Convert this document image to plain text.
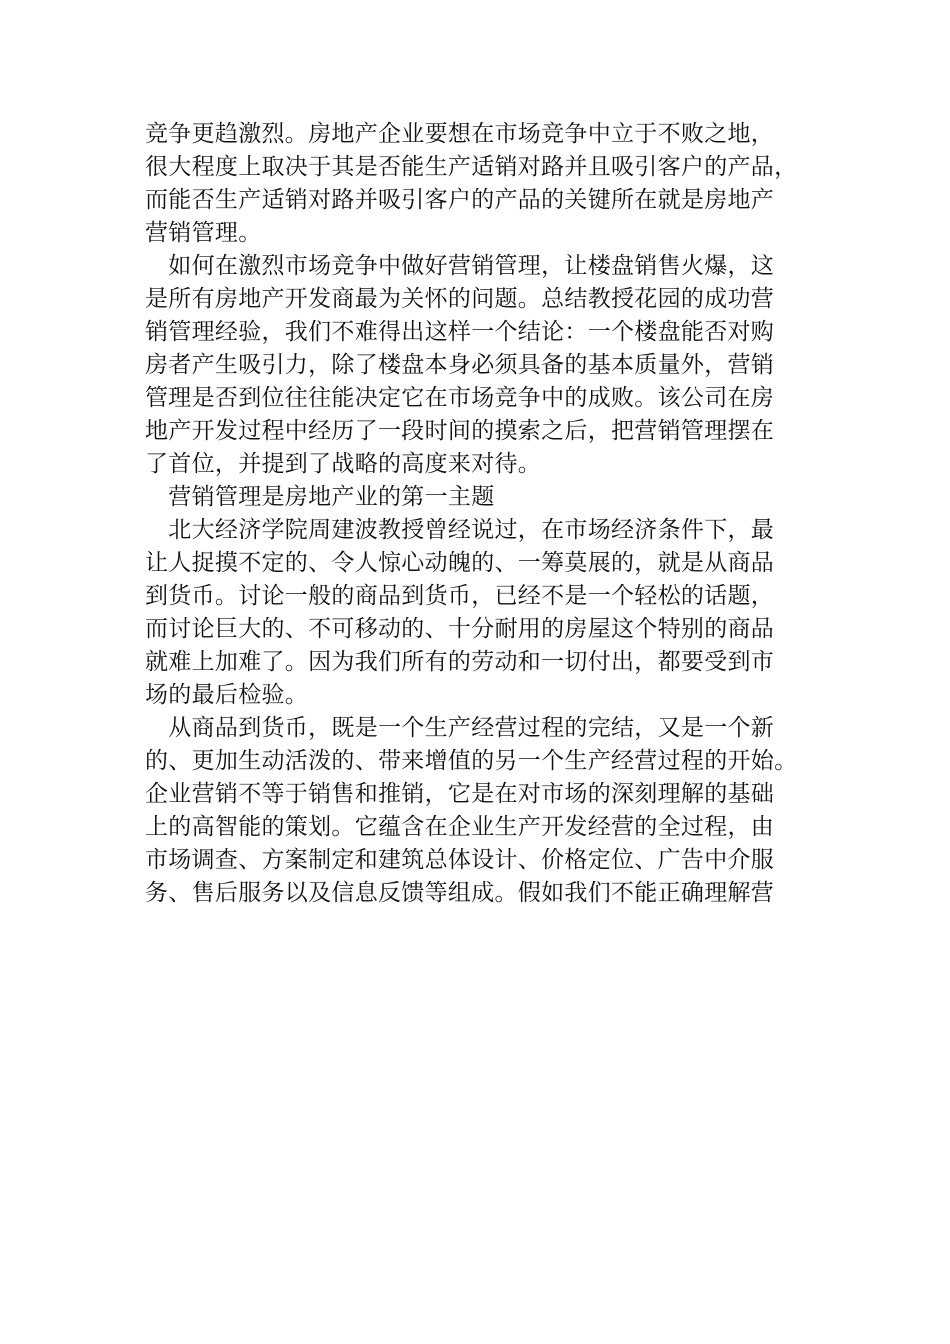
竞争更趋激烈。房地产企业要想在市场竞争中立于不败之地，
很大程度上取决于其是否能生产适销对路并且吸引客户的产品，
而能否生产适销对路并吸引客户的产品的关键所在就是房地产
营销管理。
　如何在激烈市场竞争中做好营销管理，让楼盘销售火爆，这
是所有房地产开发商最为关怀的问题。总结教授花园的成功营
销管理经验，我们不难得出这样一个结论：一个楼盘能否对购
房者产生吸引力，除了楼盘本身必须具备的基本质量外，营销
管理是否到位往往能决定它在市场竞争中的成败。该公司在房
地产开发过程中经历了一段时间的摸索之后，把营销管理摆在
了首位，并提到了战略的高度来对待。
　营销管理是房地产业的第一主题
　北大经济学院周建波教授曾经说过，在市场经济条件下，最
让人捉摸不定的、令人惊心动魄的、一筹莫展的，就是从商品
到货币。讨论一般的商品到货币，已经不是一个轻松的话题，
而讨论巨大的、不可移动的、十分耐用的房屋这个特别的商品
就难上加难了。因为我们所有的劳动和一切付出，都要受到市
场的最后检验。
　从商品到货币，既是一个生产经营过程的完结，又是一个新
的、更加生动活泼的、带来增值的另一个生产经营过程的开始。
企业营销不等于销售和推销，它是在对市场的深刻理解的基础
上的高智能的策划。它蕴含在企业生产开发经营的全过程，由
市场调查、方案制定和建筑总体设计、价格定位、广告中介服
务、售后服务以及信息反馈等组成。假如我们不能正确理解营
